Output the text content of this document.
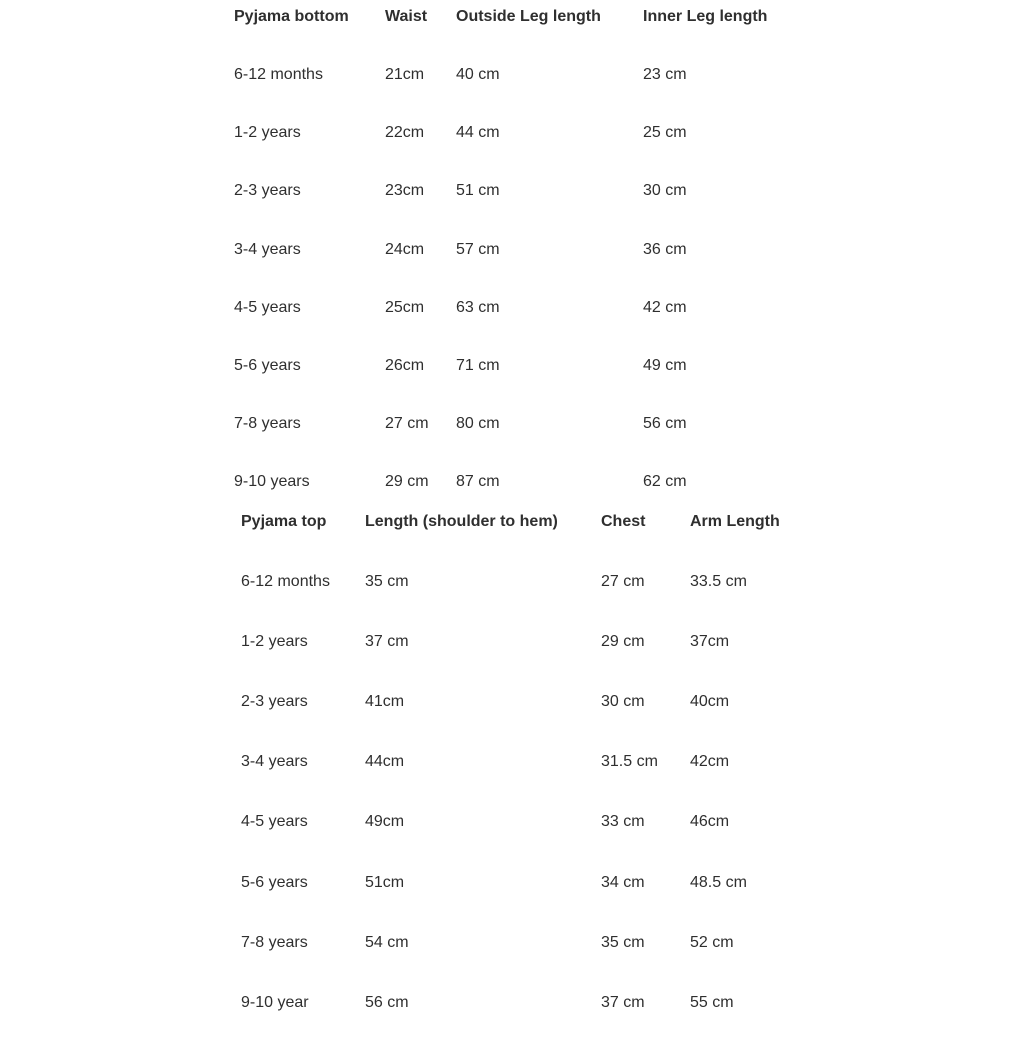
Pyjama bottom	Waist	Outside Leg length	Inner Leg length
6-12 months	21cm	40 cm	23 cm
1-2 years	22cm	44 cm	25 cm
2-3 years	23cm	51 cm	30 cm
3-4 years	24cm	57 cm	36 cm
4-5 years	25cm	63 cm	42 cm
5-6 years	26cm	71 cm	49 cm
7-8 years	27 cm	80 cm	56 cm
9-10 years	29 cm	87 cm	62 cm
Pyjama top	Length (shoulder to hem)	Chest	Arm Length
6-12 months	35 cm	27 cm	33.5 cm
1-2 years	37 cm	29 cm	37cm
2-3 years	41cm	30 cm	40cm
3-4 years	44cm	31.5 cm	42cm
4-5 years	49cm	33 cm	46cm
5-6 years	51cm	34 cm	48.5 cm
7-8 years	54 cm	35 cm	52 cm
9-10 year	56 cm	37 cm	55 cm
